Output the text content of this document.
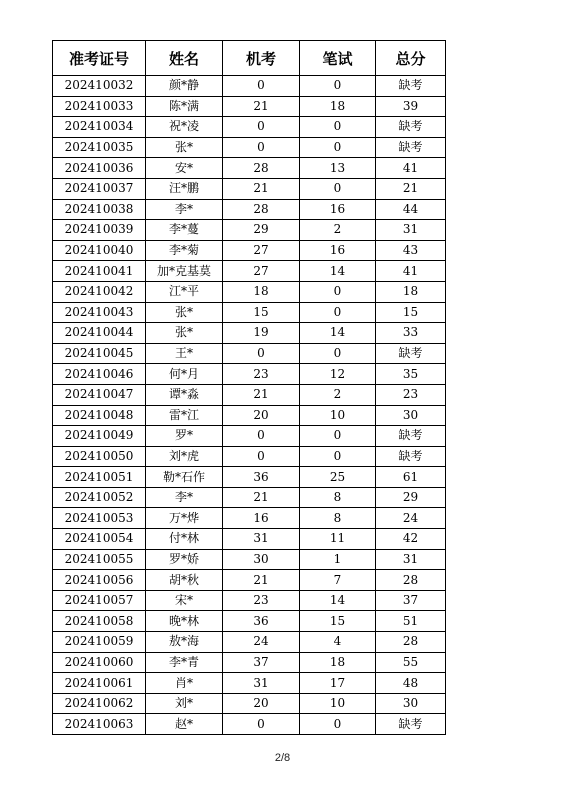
准考证号	姓名	机考	笔试	总分
202410032	颜*静	0	0	缺考
202410033	陈*满	21	18	39
202410034	祝*凌	0	0	缺考
202410035	张*	0	0	缺考
202410036	安*	28	13	41
202410037	汪*鹏	21	0	21
202410038	李*	28	16	44
202410039	李*蔓	29	2	31
202410040	李*菊	27	16	43
202410041	加*克基莫	27	14	41
202410042	江*平	18	0	18
202410043	张*	15	0	15
202410044	张*	19	14	33
202410045	王*	0	0	缺考
202410046	何*月	23	12	35
202410047	谭*淼	21	2	23
202410048	雷*江	20	10	30
202410049	罗*	0	0	缺考
202410050	刘*虎	0	0	缺考
202410051	勒*石作	36	25	61
202410052	李*	21	8	29
202410053	万*烨	16	8	24
202410054	付*林	31	11	42
202410055	罗*娇	30	1	31
202410056	胡*秋	21	7	28
202410057	宋*	23	14	37
202410058	晚*林	36	15	51
202410059	敖*海	24	4	28
202410060	李*青	37	18	55
202410061	肖*	31	17	48
202410062	刘*	20	10	30
202410063	赵*	0	0	缺考
2/8
